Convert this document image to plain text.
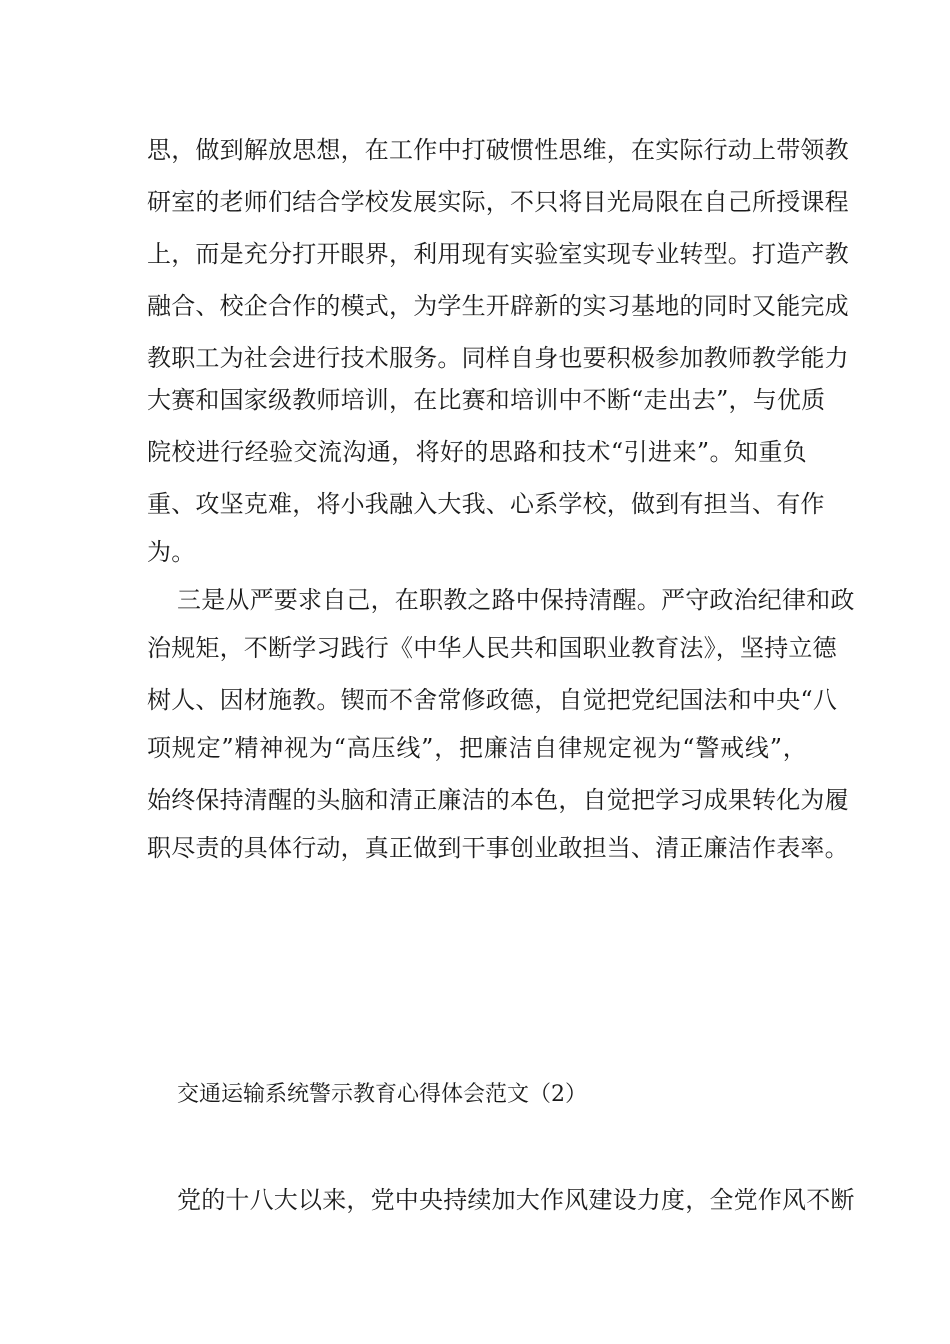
思，做到解放思想，在工作中打破惯性思维，在实际行动上带领教
研室的老师们结合学校发展实际，不只将目光局限在自己所授课程
上，而是充分打开眼界，利用现有实验室实现专业转型。打造产教
融合、校企合作的模式，为学生开辟新的实习基地的同时又能完成
教职工为社会进行技术服务。同样自身也要积极参加教师教学能力
大赛和国家级教师培训，在比赛和培训中不断“走出去”，与优质
院校进行经验交流沟通，将好的思路和技术“引进来”。知重负
重、攻坚克难，将小我融入大我、心系学校，做到有担当、有作
为。
三是从严要求自己，在职教之路中保持清醒。严守政治纪律和政
治规矩，不断学习践行《中华人民共和国职业教育法》，坚持立德
树人、因材施教。锲而不舍常修政德，自觉把党纪国法和中央“八
项规定”精神视为“高压线”，把廉洁自律规定视为“警戒线”，
始终保持清醒的头脑和清正廉洁的本色，自觉把学习成果转化为履
职尽责的具体行动，真正做到干事创业敢担当、清正廉洁作表率。
交通运输系统警示教育心得体会范文（2）
党的十八大以来，党中央持续加大作风建设力度，全党作风不断
